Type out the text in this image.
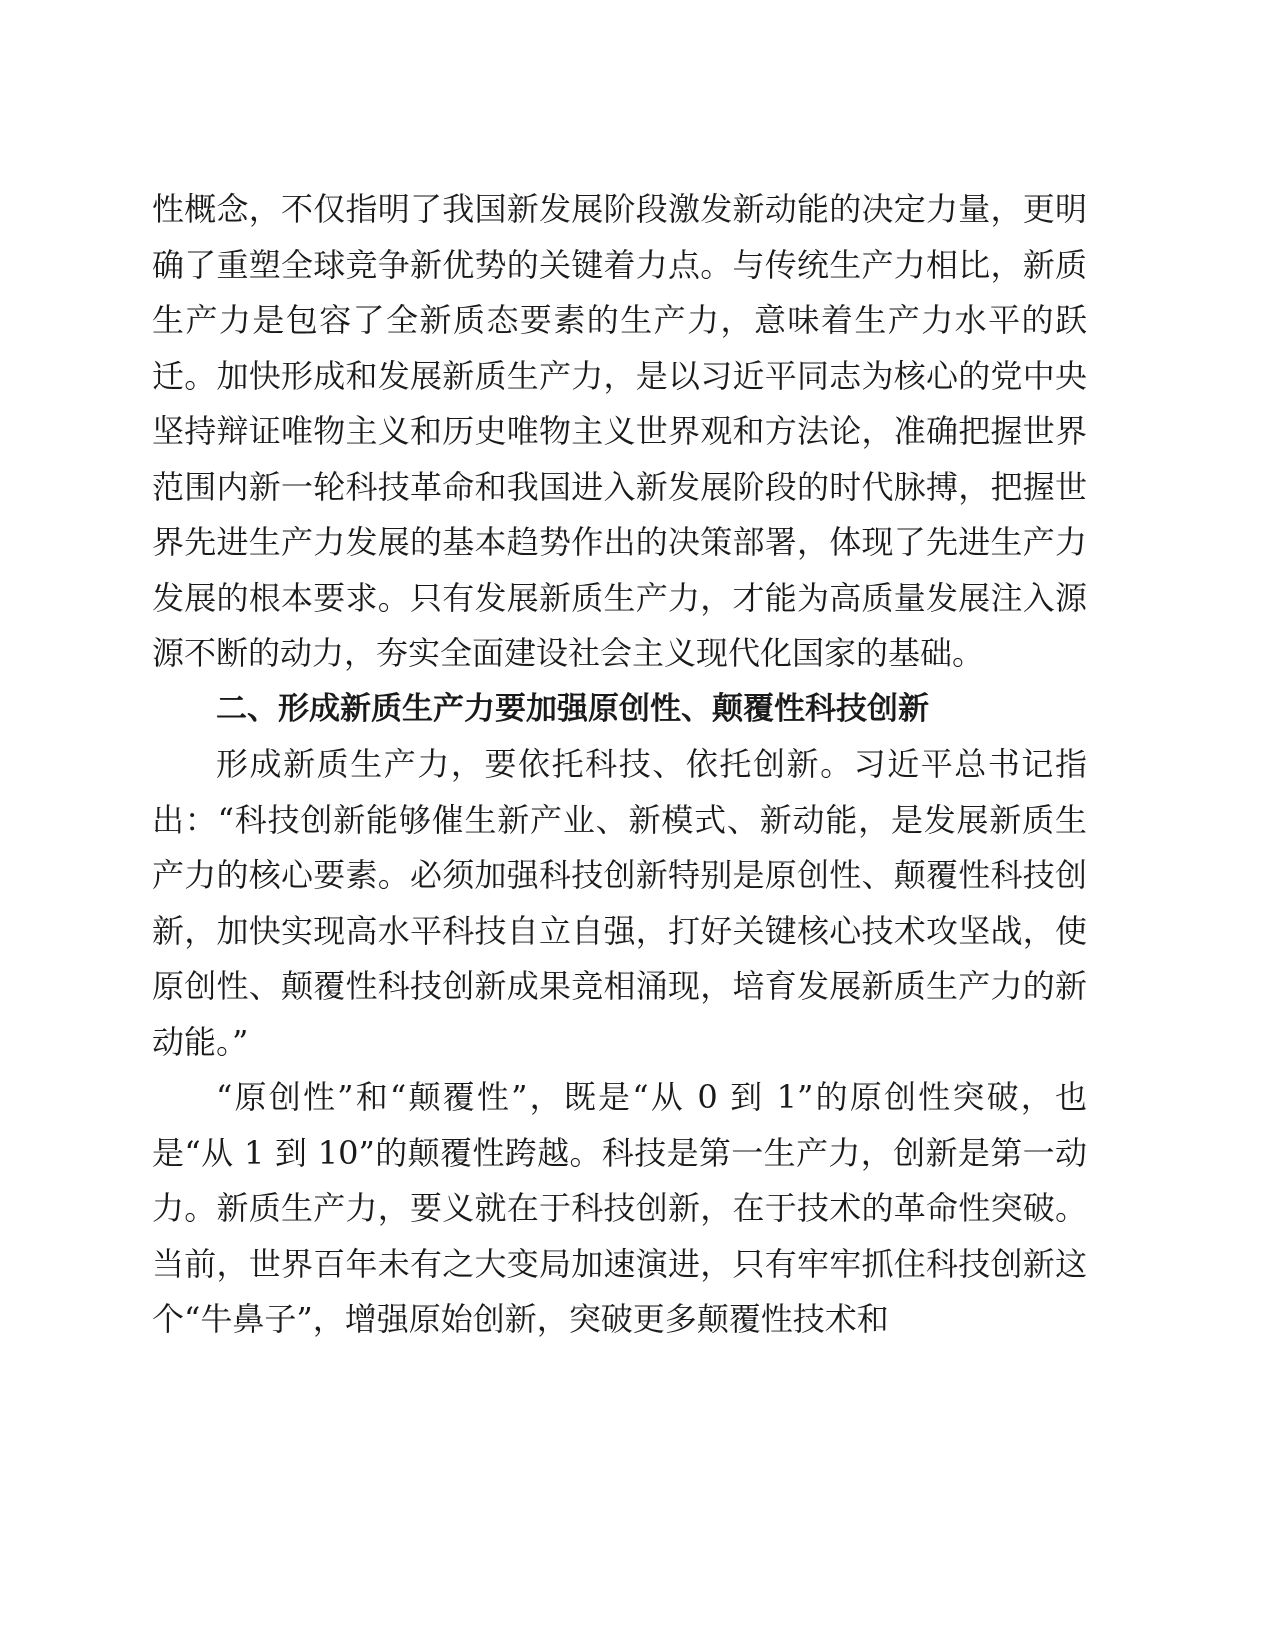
性概念，不仅指明了我国新发展阶段激发新动能的决定力量，更明确了重塑全球竞争新优势的关键着力点。与传统生产力相比，新质生产力是包容了全新质态要素的生产力，意味着生产力水平的跃迁。加快形成和发展新质生产力，是以习近平同志为核心的党中央坚持辩证唯物主义和历史唯物主义世界观和方法论，准确把握世界范围内新一轮科技革命和我国进入新发展阶段的时代脉搏，把握世界先进生产力发展的基本趋势作出的决策部署，体现了先进生产力发展的根本要求。只有发展新质生产力，才能为高质量发展注入源源不断的动力，夯实全面建设社会主义现代化国家的基础。

二、形成新质生产力要加强原创性、颠覆性科技创新

形成新质生产力，要依托科技、依托创新。习近平总书记指出：“科技创新能够催生新产业、新模式、新动能，是发展新质生产力的核心要素。必须加强科技创新特别是原创性、颠覆性科技创新，加快实现高水平科技自立自强，打好关键核心技术攻坚战，使原创性、颠覆性科技创新成果竞相涌现，培育发展新质生产力的新动能。”

“原创性”和“颠覆性”，既是“从 0 到 1”的原创性突破，也是“从 1 到 10”的颠覆性跨越。科技是第一生产力，创新是第一动力。新质生产力，要义就在于科技创新，在于技术的革命性突破。当前，世界百年未有之大变局加速演进，只有牢牢抓住科技创新这个“牛鼻子”，增强原始创新，突破更多颠覆性技术和
